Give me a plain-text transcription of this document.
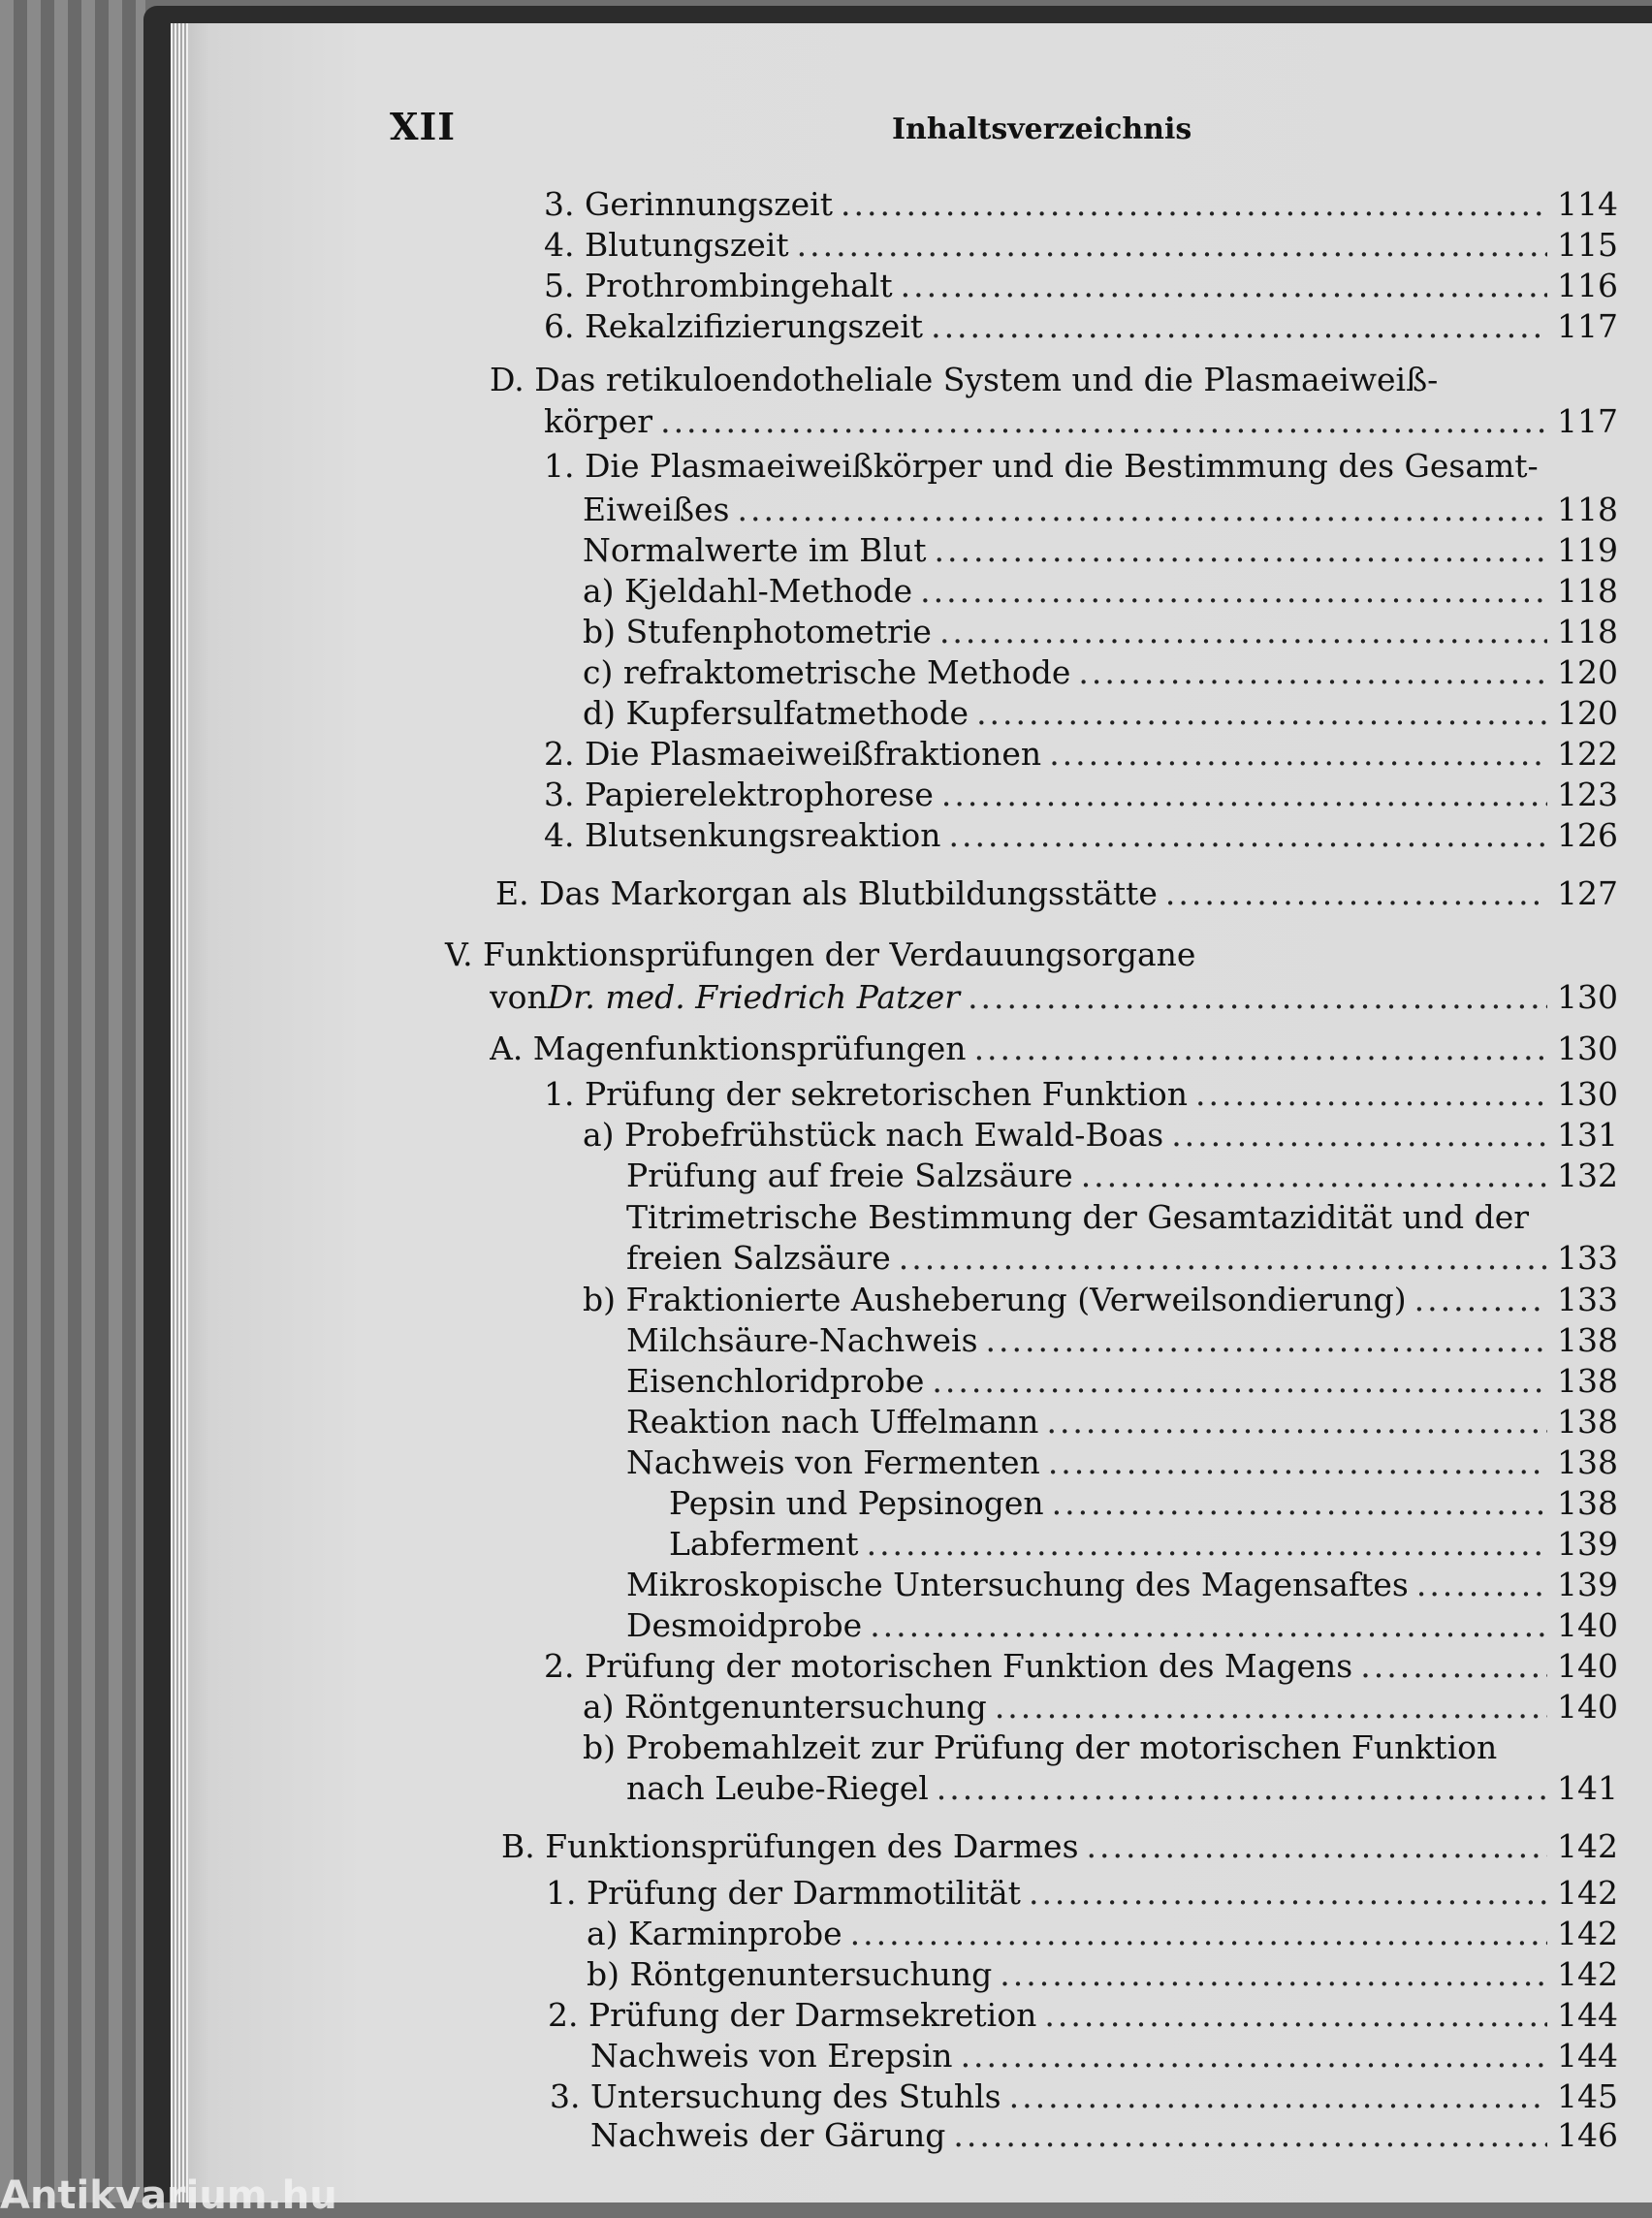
XII	Inhaltsverzeichnis
3. Gerinnungszeit .....	114
4. Blutungszeit .....	115
5. Prothrombingehalt .....	116
6. Rekalzifizierungszeit .....	117
D. Das retikuloendotheliale System und die Plasmaeiweiß-
körper .....	117
1. Die Plasmaeiweißkörper und die Bestimmung des Gesamt-
Eiweißes .....	118
Normalwerte im Blut .....	119
a) Kjeldahl-Methode .....	118
b) Stufenphotometrie .....	118
c) refraktometrische Methode .....	120
d) Kupfersulfatmethode .....	120
2. Die Plasmaeiweißfraktionen .....	122
3. Papierelektrophorese .....	123
4. Blutsenkungsreaktion .....	126
E. Das Markorgan als Blutbildungsstätte .....	127
V. Funktionsprüfungen der Verdauungsorgane
von Dr. med. Friedrich Patzer .....	130
A. Magenfunktionsprüfungen .....	130
1. Prüfung der sekretorischen Funktion .....	130
a) Probefrühstück nach Ewald-Boas .....	131
Prüfung auf freie Salzsäure .....	132
Titrimetrische Bestimmung der Gesamtazidität und der
freien Salzsäure .....	133
b) Fraktionierte Ausheberung (Verweilsondierung) .....	133
Milchsäure-Nachweis .....	138
Eisenchloridprobe .....	138
Reaktion nach Uffelmann .....	138
Nachweis von Fermenten .....	138
Pepsin und Pepsinogen .....	138
Labferment .....	139
Mikroskopische Untersuchung des Magensaftes .....	139
Desmoidprobe .....	140
2. Prüfung der motorischen Funktion des Magens .....	140
a) Röntgenuntersuchung .....	140
b) Probemahlzeit zur Prüfung der motorischen Funktion
nach Leube-Riegel .....	141
B. Funktionsprüfungen des Darmes .....	142
1. Prüfung der Darmmotilität .....	142
a) Karminprobe .....	142
b) Röntgenuntersuchung .....	142
2. Prüfung der Darmsekretion .....	144
Nachweis von Erepsin .....	144
3. Untersuchung des Stuhls .....	145
Nachweis der Gärung .....	146
Antikvarium.hu
